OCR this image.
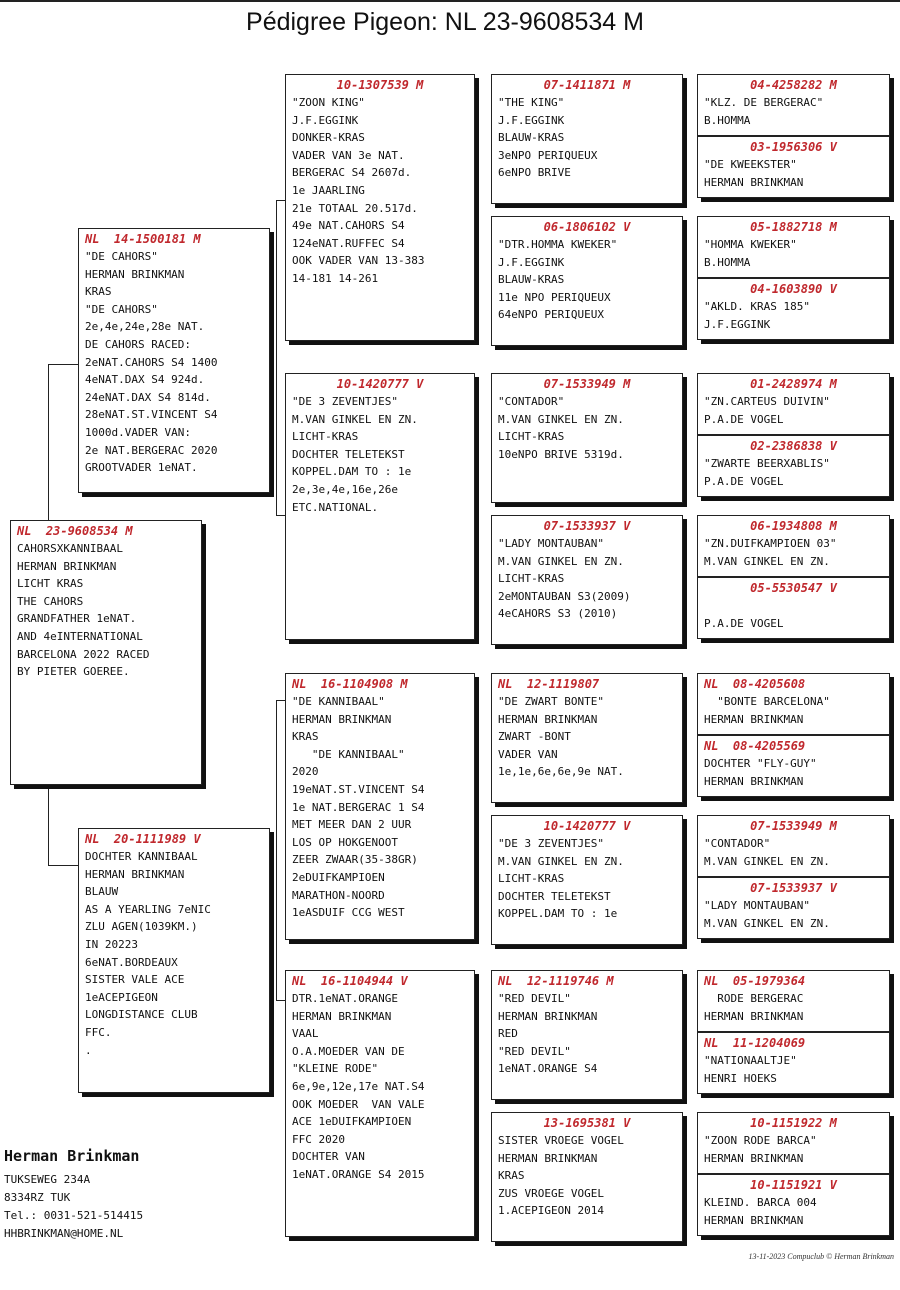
Pédigree Pigeon: NL 23-9608534 M
NL  23-9608534 M
CAHORSXKANNIBAAL
HERMAN BRINKMAN
LICHT KRAS
THE CAHORS
GRANDFATHER 1eNAT.
AND 4eINTERNATIONAL
BARCELONA 2022 RACED
BY PIETER GOEREE.
NL  14-1500181 M
"DE CAHORS"
HERMAN BRINKMAN
KRAS
"DE CAHORS"
2e,4e,24e,28e NAT.
DE CAHORS RACED:
2eNAT.CAHORS S4 1400
4eNAT.DAX S4 924d.
24eNAT.DAX S4 814d.
28eNAT.ST.VINCENT S4
1000d.VADER VAN:
2e NAT.BERGERAC 2020
GROOTVADER 1eNAT.
NL  20-1111989 V
DOCHTER KANNIBAAL
HERMAN BRINKMAN
BLAUW
AS A YEARLING 7eNIC
ZLU AGEN(1039KM.)
IN 20223
6eNAT.BORDEAUX
SISTER VALE ACE
1eACEPIGEON
LONGDISTANCE CLUB
FFC.
.
10-1307539 M
"ZOON KING"
J.F.EGGINK
DONKER-KRAS
VADER VAN 3e NAT.
BERGERAC S4 2607d.
1e JAARLING
21e TOTAAL 20.517d.
49e NAT.CAHORS S4
124eNAT.RUFFEC S4
OOK VADER VAN 13-383
14-181 14-261
10-1420777 V
"DE 3 ZEVENTJES"
M.VAN GINKEL EN ZN.
LICHT-KRAS
DOCHTER TELETEKST
KOPPEL.DAM TO : 1e
2e,3e,4e,16e,26e
ETC.NATIONAL.
NL  16-1104908 M
"DE KANNIBAAL"
HERMAN BRINKMAN
KRAS
"DE KANNIBAAL"
2020
19eNAT.ST.VINCENT S4
1e NAT.BERGERAC 1 S4
MET MEER DAN 2 UUR
LOS OP HOKGENOOT
ZEER ZWAAR(35-38GR)
2eDUIFKAMPIOEN
MARATHON-NOORD
1eASDUIF CCG WEST
NL  16-1104944 V
DTR.1eNAT.ORANGE
HERMAN BRINKMAN
VAAL
O.A.MOEDER VAN DE
"KLEINE RODE"
6e,9e,12e,17e NAT.S4
OOK MOEDER  VAN VALE
ACE 1eDUIFKAMPIOEN
FFC 2020
DOCHTER VAN
1eNAT.ORANGE S4 2015
07-1411871 M
"THE KING"
J.F.EGGINK
BLAUW-KRAS
3eNPO PERIQUEUX
6eNPO BRIVE
06-1806102 V
"DTR.HOMMA KWEKER"
J.F.EGGINK
BLAUW-KRAS
11e NPO PERIQUEUX
64eNPO PERIQUEUX
07-1533949 M
"CONTADOR"
M.VAN GINKEL EN ZN.
LICHT-KRAS
10eNPO BRIVE 5319d.
07-1533937 V
"LADY MONTAUBAN"
M.VAN GINKEL EN ZN.
LICHT-KRAS
2eMONTAUBAN S3(2009)
4eCAHORS S3 (2010)
NL  12-1119807
"DE ZWART BONTE"
HERMAN BRINKMAN
ZWART -BONT
VADER VAN
1e,1e,6e,6e,9e NAT.
10-1420777 V
"DE 3 ZEVENTJES"
M.VAN GINKEL EN ZN.
LICHT-KRAS
DOCHTER TELETEKST
KOPPEL.DAM TO : 1e
NL  12-1119746 M
"RED DEVIL"
HERMAN BRINKMAN
RED
"RED DEVIL"
1eNAT.ORANGE S4
13-1695381 V
SISTER VROEGE VOGEL
HERMAN BRINKMAN
KRAS
ZUS VROEGE VOGEL
1.ACEPIGEON 2014
04-4258282 M
"KLZ. DE BERGERAC"
B.HOMMA
03-1956306 V
"DE KWEEKSTER"
HERMAN BRINKMAN
05-1882718 M
"HOMMA KWEKER"
B.HOMMA
04-1603890 V
"AKLD. KRAS 185"
J.F.EGGINK
01-2428974 M
"ZN.CARTEUS DUIVIN"
P.A.DE VOGEL
02-2386838 V
"ZWARTE BEERXABLIS"
P.A.DE VOGEL
06-1934808 M
"ZN.DUIFKAMPIOEN 03"
M.VAN GINKEL EN ZN.
05-5530547 V

P.A.DE VOGEL
NL  08-4205608
"BONTE BARCELONA"
HERMAN BRINKMAN
NL  08-4205569
DOCHTER "FLY-GUY"
HERMAN BRINKMAN
07-1533949 M
"CONTADOR"
M.VAN GINKEL EN ZN.
07-1533937 V
"LADY MONTAUBAN"
M.VAN GINKEL EN ZN.
NL  05-1979364
RODE BERGERAC
HERMAN BRINKMAN
NL  11-1204069
"NATIONAALTJE"
HENRI HOEKS
10-1151922 M
"ZOON RODE BARCA"
HERMAN BRINKMAN
10-1151921 V
KLEIND. BARCA 004
HERMAN BRINKMAN
Herman Brinkman
TUKSEWEG 234A
8334RZ TUK
Tel.: 0031-521-514415
HHBRINKMAN@HOME.NL
13-11-2023 Compuclub © Herman Brinkman
